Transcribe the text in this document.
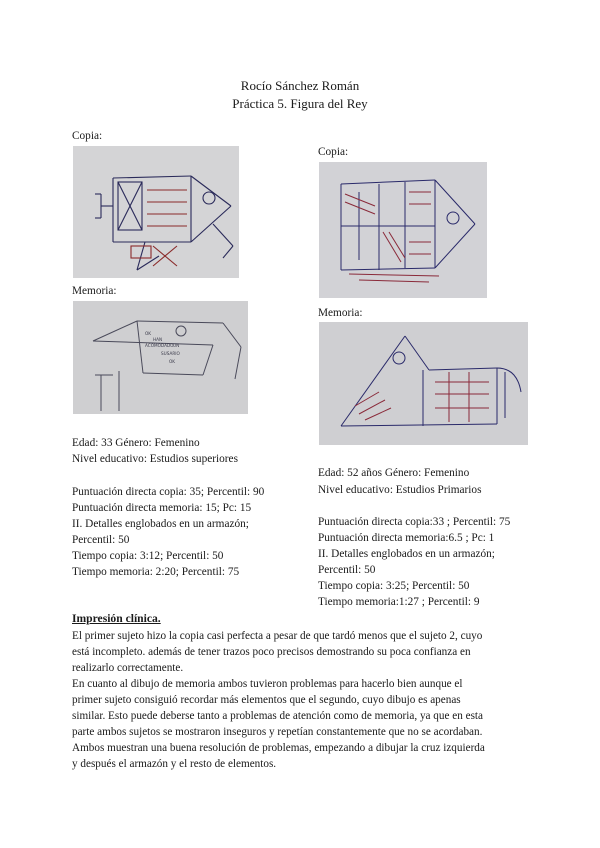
Rocío Sánchez Román
Práctica 5. Figura del Rey
Copia:
Memoria:
OK
HAN
ACOMODADO UN
SUSARIO
OK
Edad: 33 Género: Femenino
Nivel educativo: Estudios superiores
Puntuación directa copia: 35; Percentil: 90
Puntuación directa memoria: 15; Pc: 15
II. Detalles englobados en un armazón;
Percentil: 50
Tiempo copia: 3:12; Percentil: 50
Tiempo memoria: 2:20; Percentil: 75
Copia:
Memoria:
Edad: 52 años Género: Femenino
Nivel educativo: Estudios Primarios
Puntuación directa copia:33 ; Percentil: 75
Puntuación directa memoria:6.5 ; Pc: 1
II. Detalles englobados en un armazón;
Percentil: 50
Tiempo copia: 3:25; Percentil: 50
Tiempo memoria:1:27 ; Percentil: 9
Impresión clínica.
El primer sujeto hizo la copia casi perfecta a pesar de que tardó menos que el sujeto 2, cuyo
está incompleto. además de tener trazos poco precisos demostrando su poca confianza en
realizarlo correctamente.
En cuanto al dibujo de memoria ambos tuvieron problemas para hacerlo bien aunque el
primer sujeto consiguió recordar más elementos que el segundo, cuyo dibujo es apenas
similar. Esto puede deberse tanto a problemas de atención como de memoria, ya que en esta
parte ambos sujetos se mostraron inseguros y repetían constantemente que no se acordaban.
Ambos muestran una buena resolución de problemas, empezando a dibujar la cruz izquierda
y después el armazón y el resto de elementos.
